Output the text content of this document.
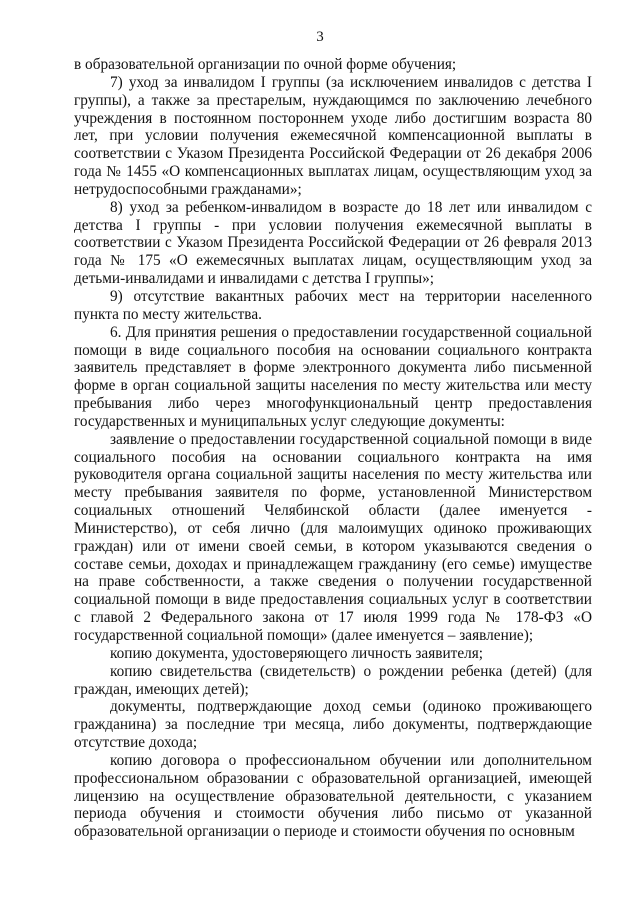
3

в образовательной организации по очной форме обучения;

7) уход за инвалидом I группы (за исключением инвалидов с детства I группы), а также за престарелым, нуждающимся по заключению лечебного учреждения в постоянном постороннем уходе либо достигшим возраста 80 лет, при условии получения ежемесячной компенсационной выплаты в соответствии с Указом Президента Российской Федерации от 26 декабря 2006 года № 1455 «О компенсационных выплатах лицам, осуществляющим уход за нетрудоспособными гражданами»;

8) уход за ребенком-инвалидом в возрасте до 18 лет или инвалидом с детства I группы - при условии получения ежемесячной выплаты в соответствии с Указом Президента Российской Федерации от 26 февраля 2013 года № 175 «О ежемесячных выплатах лицам, осуществляющим уход за детьми-инвалидами и инвалидами с детства I группы»;

9) отсутствие вакантных рабочих мест на территории населенного пункта по месту жительства.

6. Для принятия решения о предоставлении государственной социальной помощи в виде социального пособия на основании социального контракта заявитель представляет в форме электронного документа либо письменной форме в орган социальной защиты населения по месту жительства или месту пребывания либо через многофункциональный центр предоставления государственных и муниципальных услуг следующие документы:

заявление о предоставлении государственной социальной помощи в виде социального пособия на основании социального контракта на имя руководителя органа социальной защиты населения по месту жительства или месту пребывания заявителя по форме, установленной Министерством социальных отношений Челябинской области (далее именуется - Министерство), от себя лично (для малоимущих одиноко проживающих граждан) или от имени своей семьи, в котором указываются сведения о составе семьи, доходах и принадлежащем гражданину (его семье) имуществе на праве собственности, а также сведения о получении государственной социальной помощи в виде предоставления социальных услуг в соответствии с главой 2 Федерального закона от 17 июля 1999 года № 178-ФЗ «О государственной социальной помощи» (далее именуется – заявление);

копию документа, удостоверяющего личность заявителя;

копию свидетельства (свидетельств) о рождении ребенка (детей) (для граждан, имеющих детей);

документы, подтверждающие доход семьи (одиноко проживающего гражданина) за последние три месяца, либо документы, подтверждающие отсутствие дохода;

копию договора о профессиональном обучении или дополнительном профессиональном образовании с образовательной организацией, имеющей лицензию на осуществление образовательной деятельности, с указанием периода обучения и стоимости обучения либо письмо от указанной образовательной организации о периоде и стоимости обучения по основным
